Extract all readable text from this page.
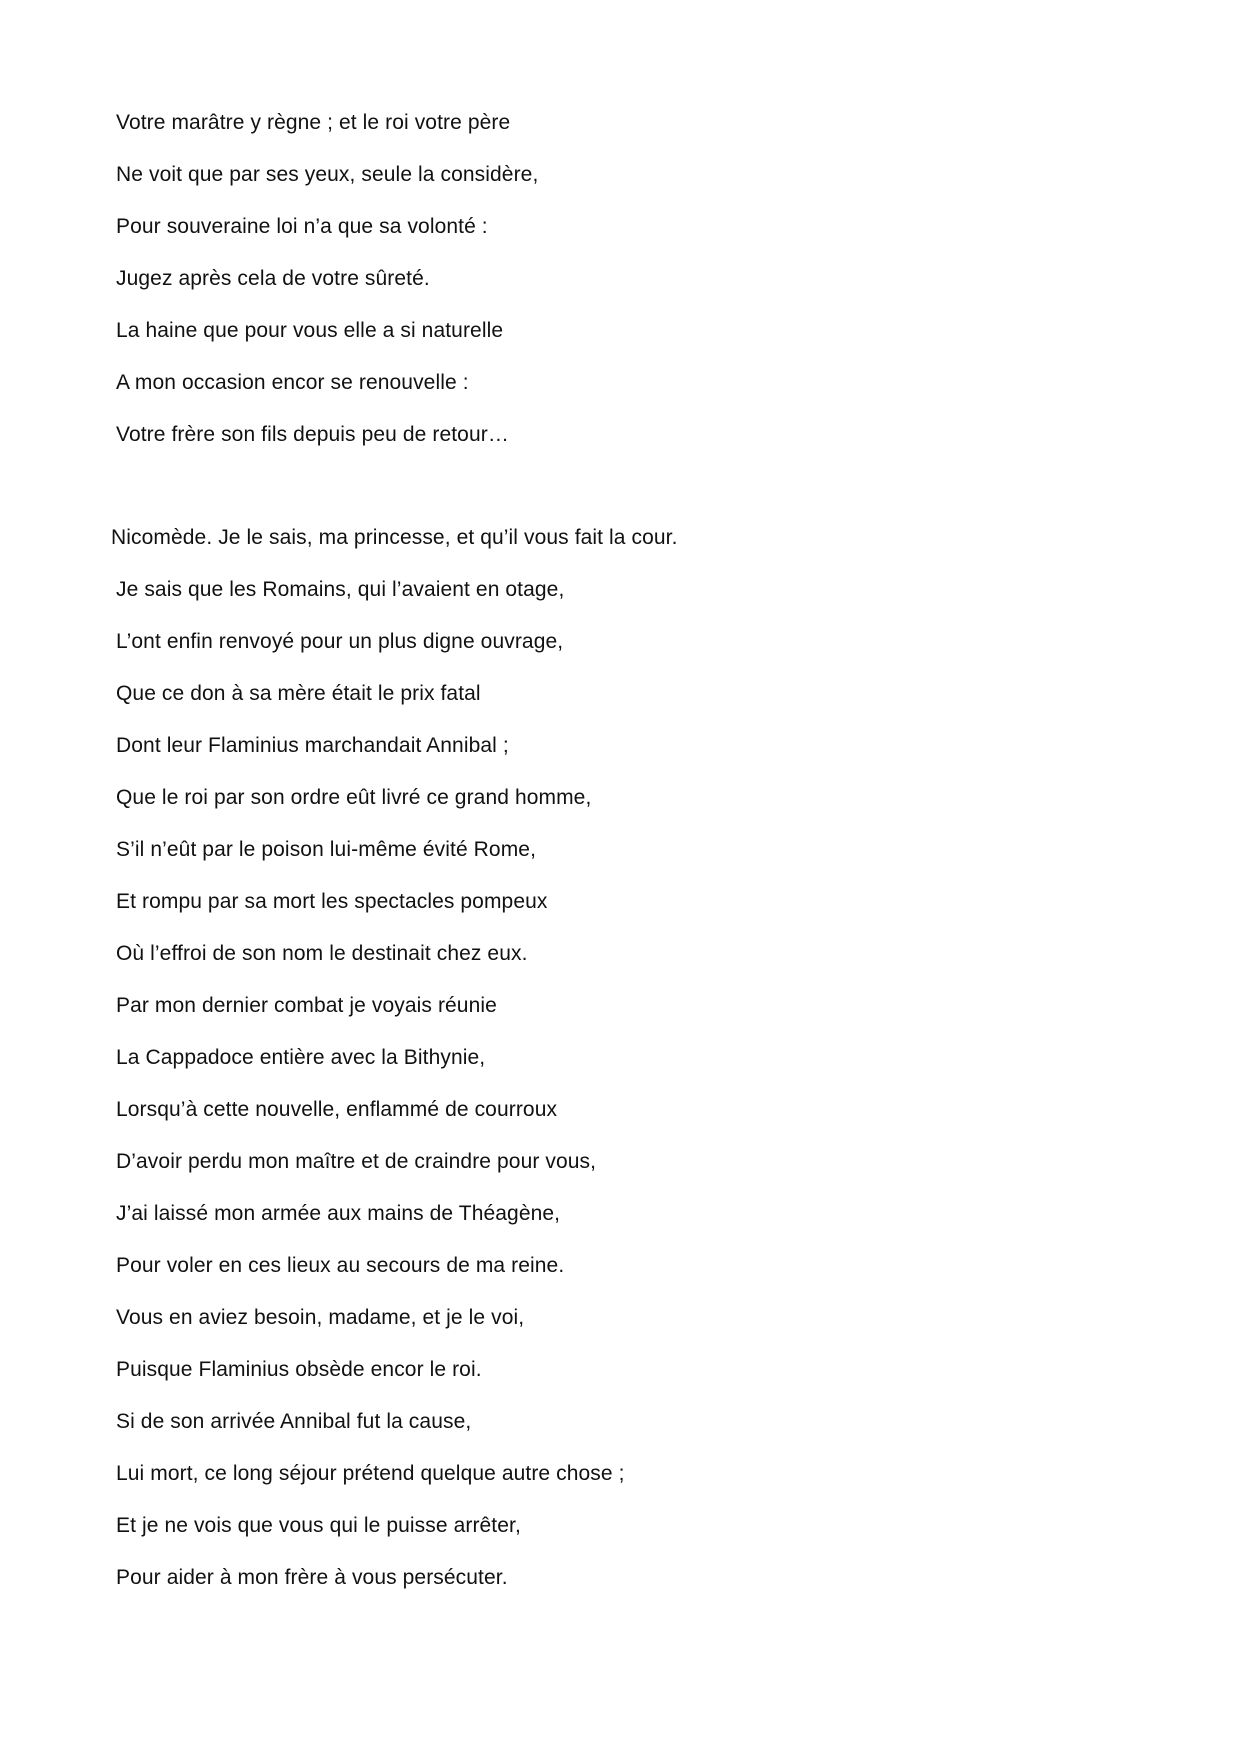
Votre marâtre y règne ; et le roi votre père
Ne voit que par ses yeux, seule la considère,
Pour souveraine loi n’a que sa volonté :
Jugez après cela de votre sûreté.
La haine que pour vous elle a si naturelle
A mon occasion encor se renouvelle :
Votre frère son fils depuis peu de retour…
Nicomède. Je le sais, ma princesse, et qu’il vous fait la cour.
Je sais que les Romains, qui l’avaient en otage,
L’ont enfin renvoyé pour un plus digne ouvrage,
Que ce don à sa mère était le prix fatal
Dont leur Flaminius marchandait Annibal ;
Que le roi par son ordre eût livré ce grand homme,
S’il n’eût par le poison lui-même évité Rome,
Et rompu par sa mort les spectacles pompeux
Où l’effroi de son nom le destinait chez eux.
Par mon dernier combat je voyais réunie
La Cappadoce entière avec la Bithynie,
Lorsqu’à cette nouvelle, enflammé de courroux
D’avoir perdu mon maître et de craindre pour vous,
J’ai laissé mon armée aux mains de Théagène,
Pour voler en ces lieux au secours de ma reine.
Vous en aviez besoin, madame, et je le voi,
Puisque Flaminius obsède encor le roi.
Si de son arrivée Annibal fut la cause,
Lui mort, ce long séjour prétend quelque autre chose ;
Et je ne vois que vous qui le puisse arrêter,
Pour aider à mon frère à vous persécuter.
